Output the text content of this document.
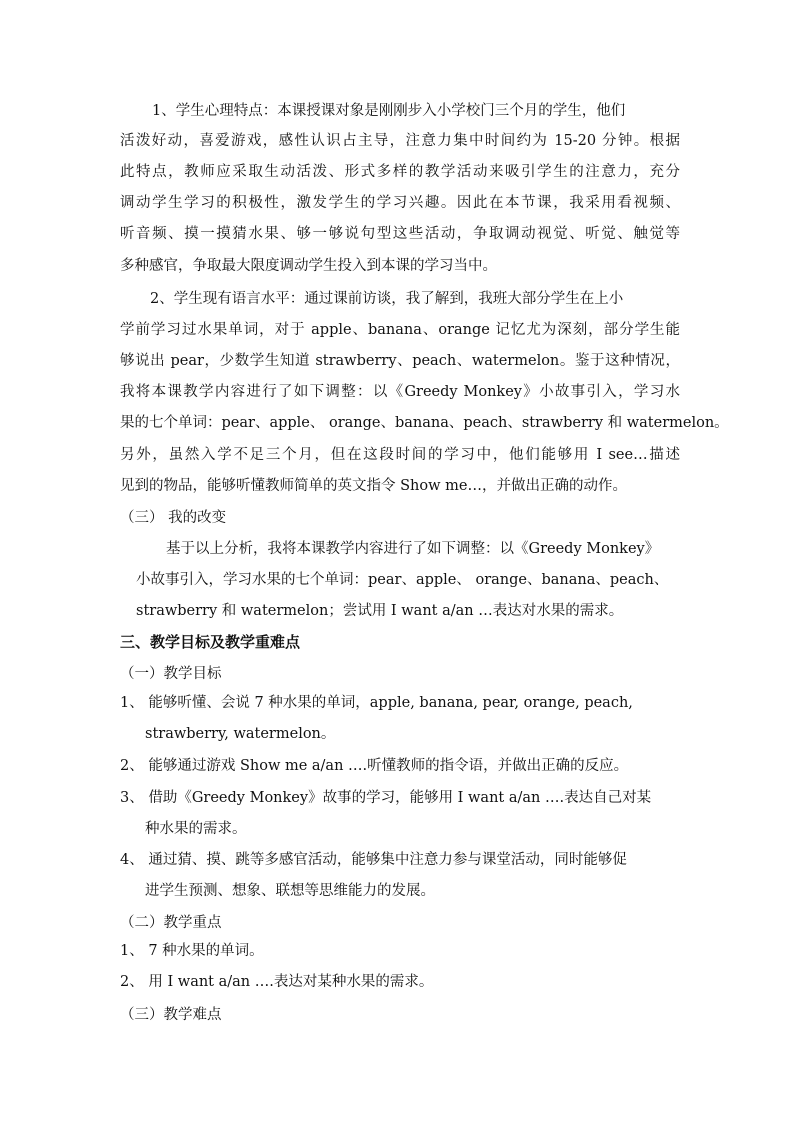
1、学生心理特点：本课授课对象是刚刚步入小学校门三个月的学生，他们
活泼好动，喜爱游戏，感性认识占主导，注意力集中时间约为 15-20 分钟。根据
此特点，教师应采取生动活泼、形式多样的教学活动来吸引学生的注意力，充分
调动学生学习的积极性，激发学生的学习兴趣。因此在本节课，我采用看视频、
听音频、摸一摸猜水果、够一够说句型这些活动，争取调动视觉、听觉、触觉等
多种感官，争取最大限度调动学生投入到本课的学习当中。
2、学生现有语言水平：通过课前访谈，我了解到，我班大部分学生在上小
学前学习过水果单词，对于 apple、banana、orange 记忆尤为深刻，部分学生能
够说出 pear，少数学生知道 strawberry、peach、watermelon。鉴于这种情况，
我将本课教学内容进行了如下调整：以《Greedy Monkey》小故事引入，学习水
果的七个单词：pear、apple、 orange、banana、peach、strawberry 和 watermelon。
另外，虽然入学不足三个月，但在这段时间的学习中，他们能够用 I see…描述
见到的物品，能够听懂教师简单的英文指令 Show me…，并做出正确的动作。
（三） 我的改变
基于以上分析，我将本课教学内容进行了如下调整：以《Greedy Monkey》
小故事引入，学习水果的七个单词：pear、apple、 orange、banana、peach、
strawberry 和 watermelon；尝试用 I want a/an …表达对水果的需求。
三、教学目标及教学重难点
（一）教学目标
1、 能够听懂、会说 7 种水果的单词，apple, banana, pear, orange, peach,
strawberry, watermelon。
2、 能够通过游戏 Show me a/an ….听懂教师的指令语，并做出正确的反应。
3、 借助《Greedy Monkey》故事的学习，能够用 I want a/an ….表达自己对某
种水果的需求。
4、 通过猜、摸、跳等多感官活动，能够集中注意力参与课堂活动，同时能够促
进学生预测、想象、联想等思维能力的发展。
（二）教学重点
1、 7 种水果的单词。
2、 用 I want a/an ….表达对某种水果的需求。
（三）教学难点
